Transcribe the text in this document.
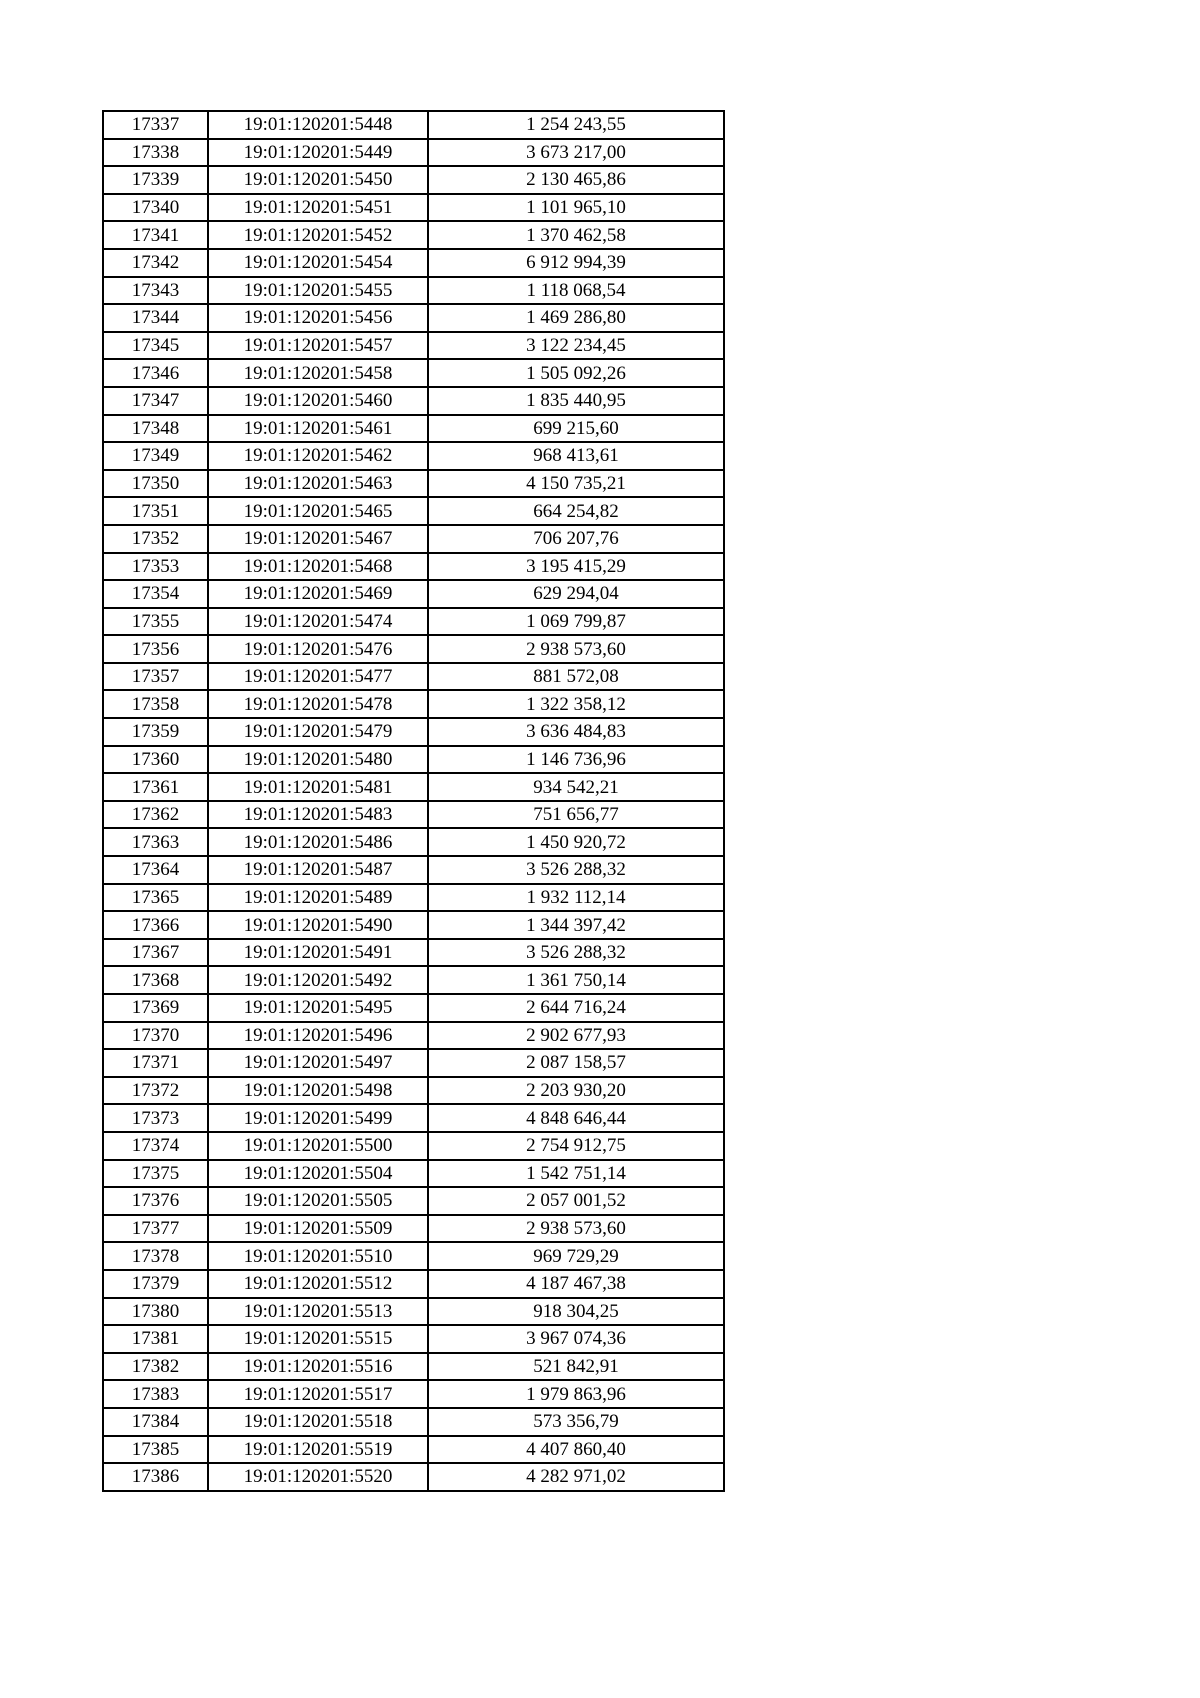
17337	19:01:120201:5448	1 254 243,55
17338	19:01:120201:5449	3 673 217,00
17339	19:01:120201:5450	2 130 465,86
17340	19:01:120201:5451	1 101 965,10
17341	19:01:120201:5452	1 370 462,58
17342	19:01:120201:5454	6 912 994,39
17343	19:01:120201:5455	1 118 068,54
17344	19:01:120201:5456	1 469 286,80
17345	19:01:120201:5457	3 122 234,45
17346	19:01:120201:5458	1 505 092,26
17347	19:01:120201:5460	1 835 440,95
17348	19:01:120201:5461	699 215,60
17349	19:01:120201:5462	968 413,61
17350	19:01:120201:5463	4 150 735,21
17351	19:01:120201:5465	664 254,82
17352	19:01:120201:5467	706 207,76
17353	19:01:120201:5468	3 195 415,29
17354	19:01:120201:5469	629 294,04
17355	19:01:120201:5474	1 069 799,87
17356	19:01:120201:5476	2 938 573,60
17357	19:01:120201:5477	881 572,08
17358	19:01:120201:5478	1 322 358,12
17359	19:01:120201:5479	3 636 484,83
17360	19:01:120201:5480	1 146 736,96
17361	19:01:120201:5481	934 542,21
17362	19:01:120201:5483	751 656,77
17363	19:01:120201:5486	1 450 920,72
17364	19:01:120201:5487	3 526 288,32
17365	19:01:120201:5489	1 932 112,14
17366	19:01:120201:5490	1 344 397,42
17367	19:01:120201:5491	3 526 288,32
17368	19:01:120201:5492	1 361 750,14
17369	19:01:120201:5495	2 644 716,24
17370	19:01:120201:5496	2 902 677,93
17371	19:01:120201:5497	2 087 158,57
17372	19:01:120201:5498	2 203 930,20
17373	19:01:120201:5499	4 848 646,44
17374	19:01:120201:5500	2 754 912,75
17375	19:01:120201:5504	1 542 751,14
17376	19:01:120201:5505	2 057 001,52
17377	19:01:120201:5509	2 938 573,60
17378	19:01:120201:5510	969 729,29
17379	19:01:120201:5512	4 187 467,38
17380	19:01:120201:5513	918 304,25
17381	19:01:120201:5515	3 967 074,36
17382	19:01:120201:5516	521 842,91
17383	19:01:120201:5517	1 979 863,96
17384	19:01:120201:5518	573 356,79
17385	19:01:120201:5519	4 407 860,40
17386	19:01:120201:5520	4 282 971,02
